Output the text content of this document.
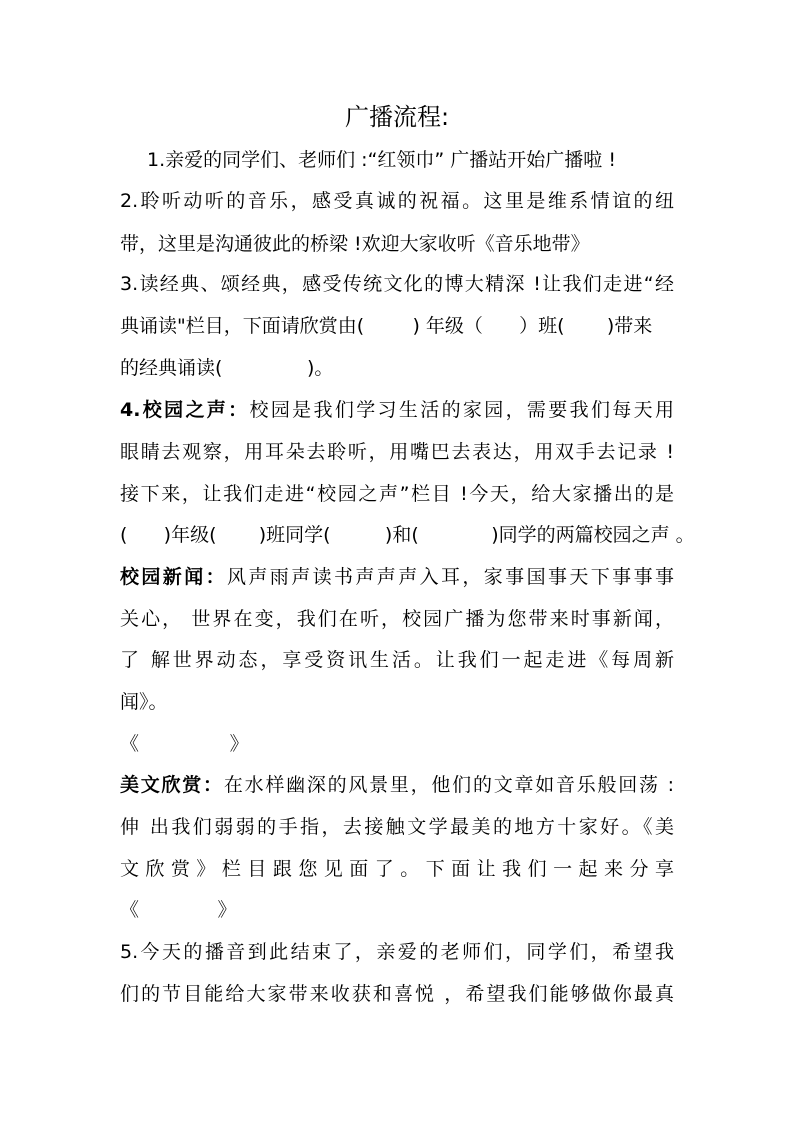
广播流程:
1.亲爱的同学们、老师们 :“红领巾” 广播站开始广播啦 !
2.聆听动听的音乐，感受真诚的祝福。这里是维系情谊的纽
带，这里是沟通彼此的桥梁 !欢迎大家收听《音乐地带》
3.读经典、颂经典，感受传统文化的博大精深 !让我们走进“经
典诵读"栏目，下面请欣赏由(        ) 年级（      ）班(       )带来
的经典诵读(              )。
4.校园之声：校园是我们学习生活的家园，需要我们每天用
眼睛去观察，用耳朵去聆听，用嘴巴去表达，用双手去记录 !
接下来，让我们走进“校园之声”栏目 !今天，给大家播出的是
(      )年级(       )班同学(         )和(            )同学的两篇校园之声 。
校园新闻：风声雨声读书声声声入耳，家事国事天下事事事
关心， 世界在变，我们在听，校园广播为您带来时事新闻，
了 解世界动态，享受资讯生活。让我们一起走进《每周新
闻》。
《               》
美文欣赏：在水样幽深的风景里，他们的文章如音乐般回荡 :
伸 出我们弱弱的手指，去接触文学最美的地方十家好。《美
文 欣 赏 》 栏 目 跟 您 见 面 了 。 下 面 让 我 们 一 起 来 分 享
《             》
5.今天的播音到此结束了，亲爱的老师们，同学们，希望我
们的节目能给大家带来收获和喜悦 ，希望我们能够做你最真
